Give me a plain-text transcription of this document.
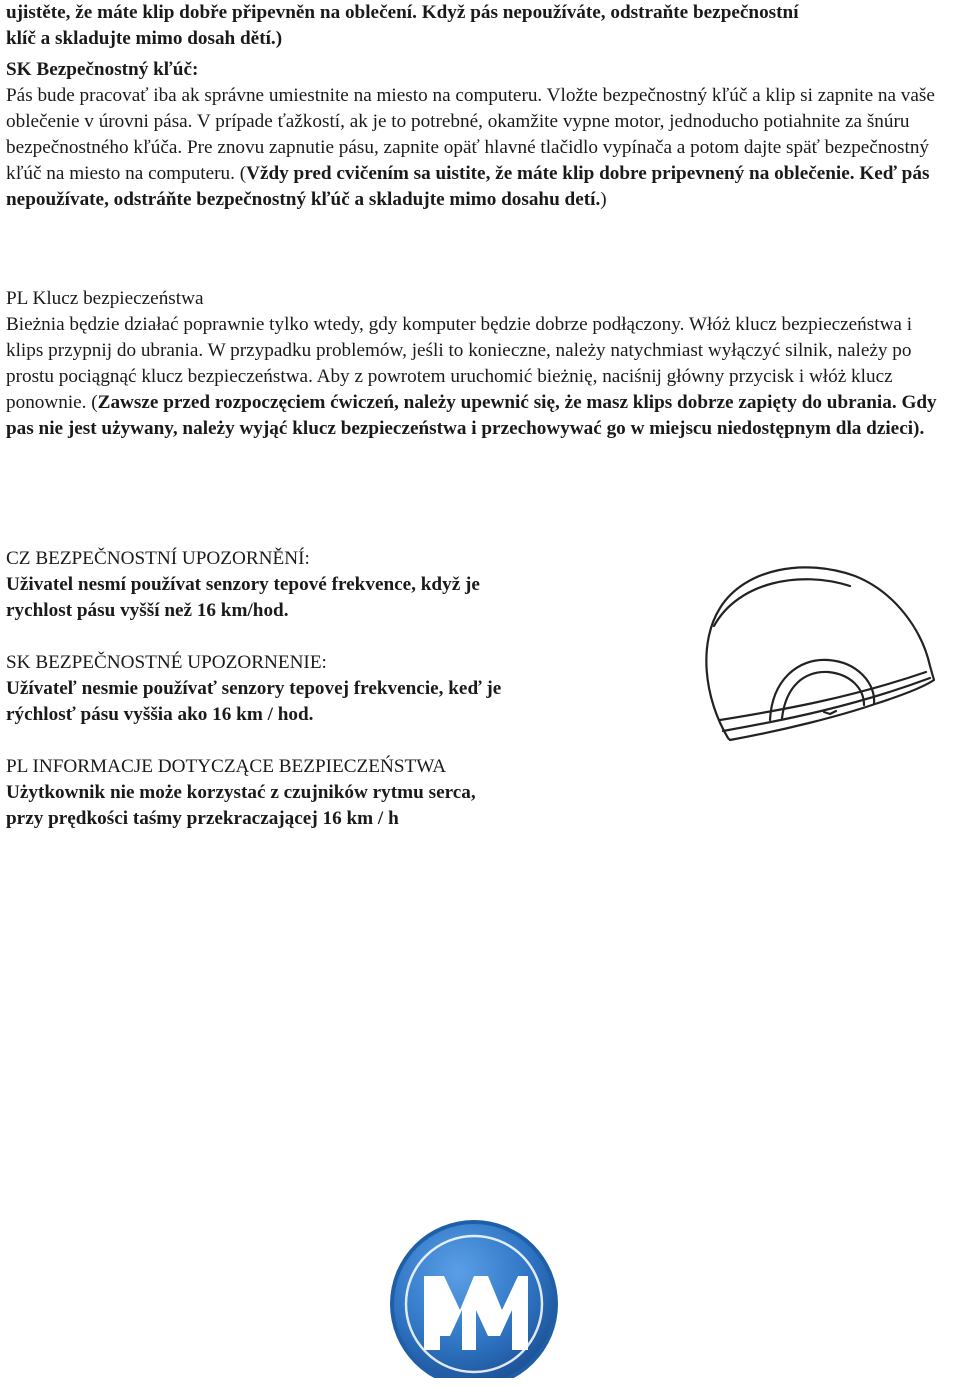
ujistěte, že máte klip dobře připevněn na oblečení. Když pás nepoužíváte, odstraňte bezpečnostní

klíč a skladujte mimo dosah dětí.)

SK Bezpečnostný kľúč:

Pás bude pracovať iba ak správne umiestnite na miesto na computeru. Vložte bezpečnostný kľúč a klip si zapnite na vaše oblečenie v úrovni pása. V prípade ťažkostí, ak je to potrebné, okamžite vypne motor, jednoducho potiahnite za šnúru bezpečnostného kľúča. Pre znovu zapnutie pásu, zapnite opäť hlavné tlačidlo vypínača a potom dajte späť bezpečnostný kľúč na miesto na computeru. (Vždy pred cvičením sa uistite, že máte klip dobre pripevnený na oblečenie. Keď pás nepoužívate, odstráňte bezpečnostný kľúč a skladujte mimo dosahu detí.)

PL Klucz bezpieczeństwa

Bieżnia będzie działać poprawnie tylko wtedy, gdy komputer będzie dobrze podłączony. Włóż klucz bezpieczeństwa i klips przypnij do ubrania. W przypadku problemów, jeśli to konieczne, należy natychmiast wyłączyć silnik, należy po prostu pociągnąć klucz bezpieczeństwa. Aby z powrotem uruchomić bieżnię, naciśnij główny przycisk i włóż klucz ponownie. (Zawsze przed rozpoczęciem ćwiczeń, należy upewnić się, że masz klips dobrze zapięty do ubrania. Gdy pas nie jest używany, należy wyjąć klucz bezpieczeństwa i przechowywać go w miejscu niedostępnym dla dzieci).

CZ BEZPEČNOSTNÍ UPOZORNĚNÍ:

Uživatel nesmí používat senzory tepové frekvence, když je

rychlost pásu vyšší než 16 km/hod.

SK BEZPEČNOSTNÉ UPOZORNENIE:

Užívateľ nesmie používať senzory tepovej frekvencie, keď je

rýchlosť pásu vyššia ako 16 km / hod.

PL INFORMACJE DOTYCZĄCE BEZPIECZEŃSTWA

Użytkownik nie może korzystać z czujników rytmu serca,

przy prędkości taśmy przekraczającej 16 km / h
